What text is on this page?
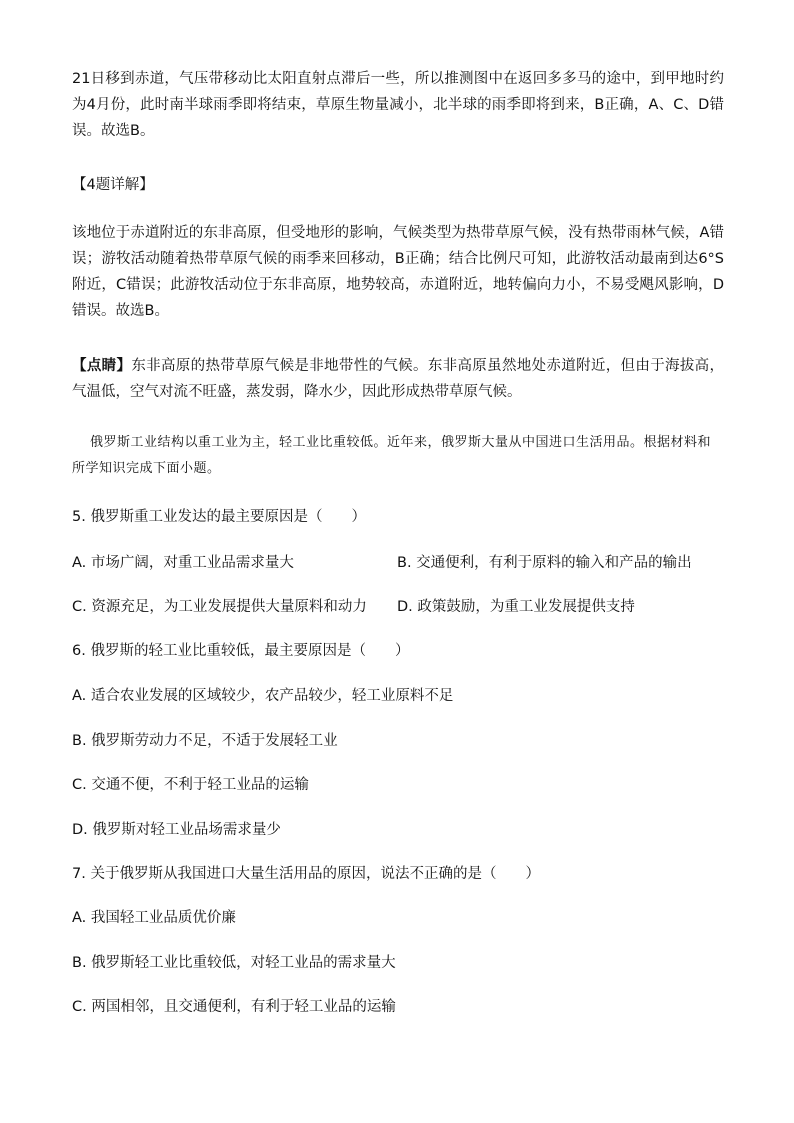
21日移到赤道，气压带移动比太阳直射点滞后一些，所以推测图中在返回多多马的途中，到甲地时约为4月份，此时南半球雨季即将结束，草原生物量减小，北半球的雨季即将到来，B正确，A、C、D错误。故选B。

【4题详解】

该地位于赤道附近的东非高原，但受地形的影响，气候类型为热带草原气候，没有热带雨林气候，A错误；游牧活动随着热带草原气候的雨季来回移动，B正确；结合比例尺可知，此游牧活动最南到达6°S附近，C错误；此游牧活动位于东非高原，地势较高，赤道附近，地转偏向力小，不易受飓风影响，D错误。故选B。

【点睛】东非高原的热带草原气候是非地带性的气候。东非高原虽然地处赤道附近，但由于海拔高，气温低，空气对流不旺盛，蒸发弱，降水少，因此形成热带草原气候。

俄罗斯工业结构以重工业为主，轻工业比重较低。近年来，俄罗斯大量从中国进口生活用品。根据材料和所学知识完成下面小题。

5. 俄罗斯重工业发达的最主要原因是（　　）

A. 市场广阔，对重工业品需求量大	B. 交通便利，有利于原料的输入和产品的输出
C. 资源充足，为工业发展提供大量原料和动力 D. 政策鼓励，为重工业发展提供支持

6. 俄罗斯的轻工业比重较低，最主要原因是（　　）

A. 适合农业发展的区域较少，农产品较少，轻工业原料不足
B. 俄罗斯劳动力不足，不适于发展轻工业
C. 交通不便，不利于轻工业品的运输
D. 俄罗斯对轻工业品场需求量少

7. 关于俄罗斯从我国进口大量生活用品的原因，说法不正确的是（　　）

A. 我国轻工业品质优价廉
B. 俄罗斯轻工业比重较低，对轻工业品的需求量大
C. 两国相邻，且交通便利，有利于轻工业品的运输
